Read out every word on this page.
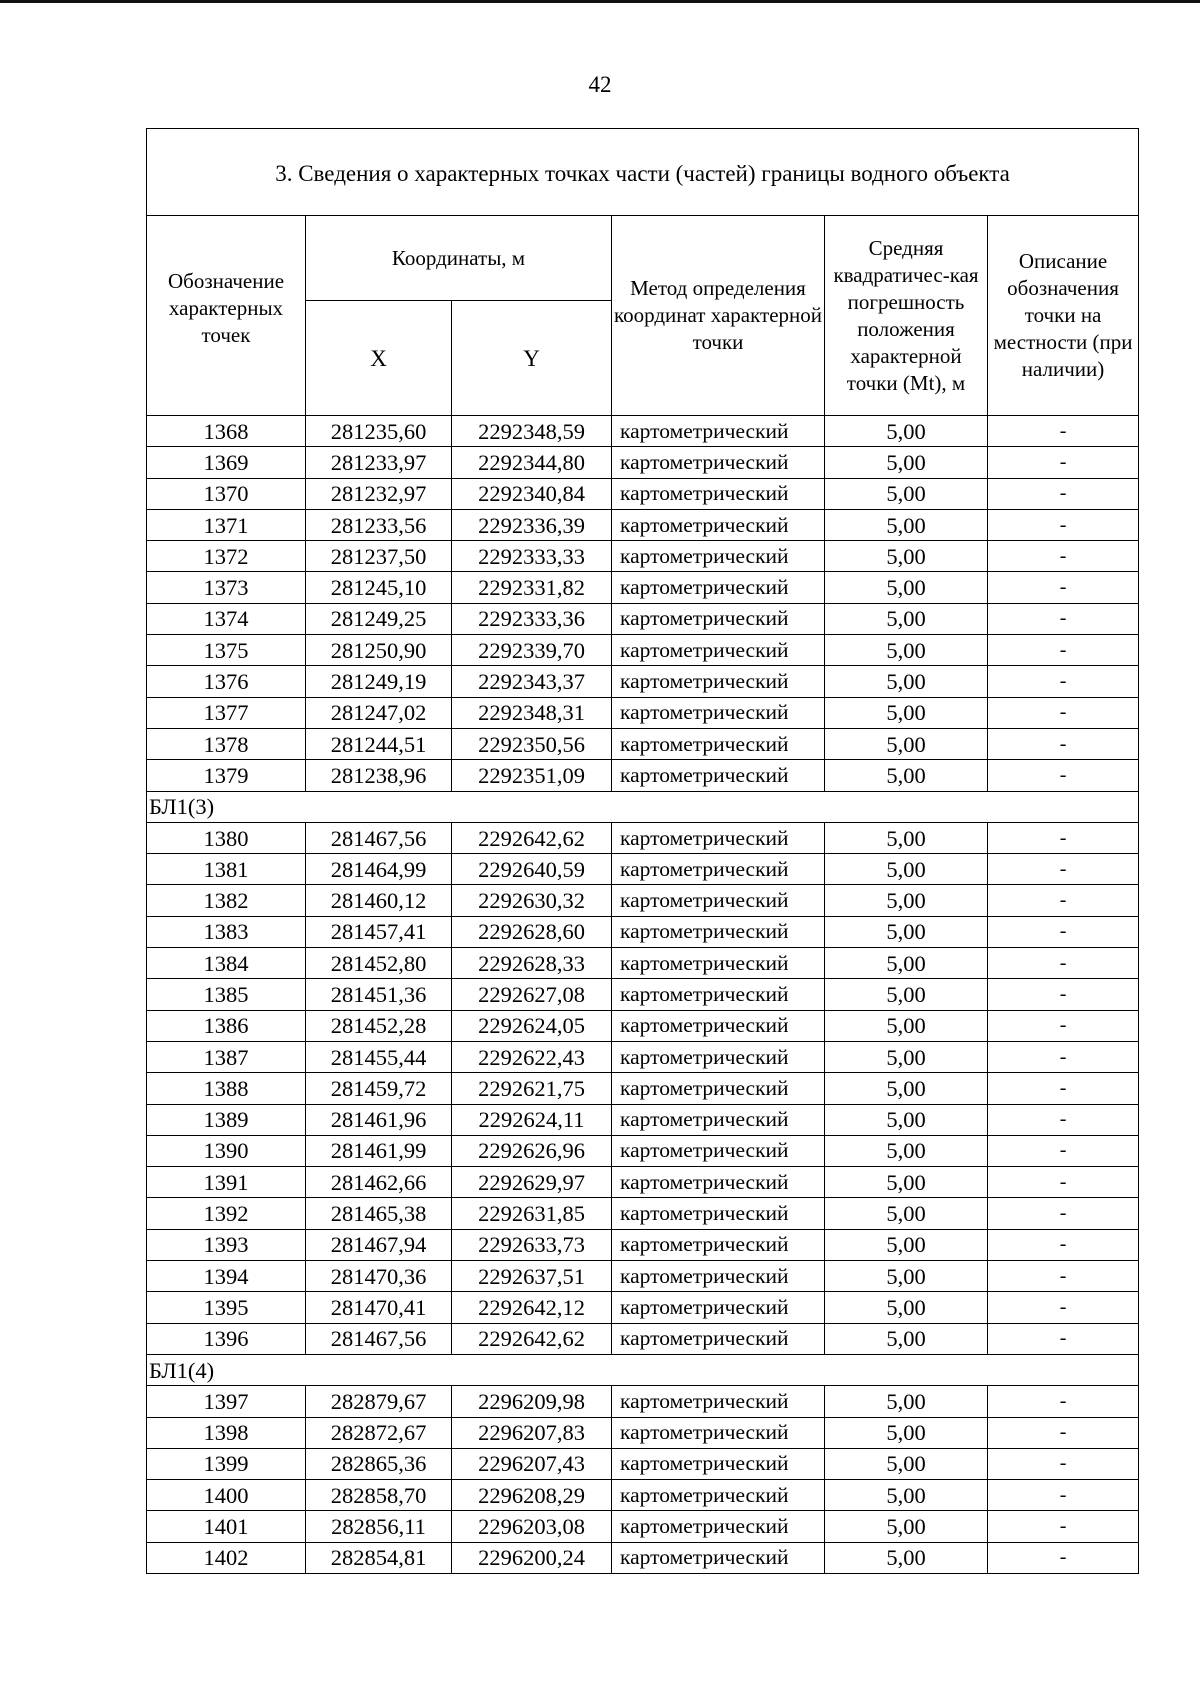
42
3. Сведения о характерных точках части (частей) границы водного объекта					
Обозначение характерных точек	Координаты, м		Метод определения координат характерной точки	Средняя квадратичес-кая погрешность положения характерной точки (Mt), м	Описание обозначения точки на местности (при наличии)
	X	Y			
1368	281235,60	2292348,59	картометрический	5,00	-
1369	281233,97	2292344,80	картометрический	5,00	-
1370	281232,97	2292340,84	картометрический	5,00	-
1371	281233,56	2292336,39	картометрический	5,00	-
1372	281237,50	2292333,33	картометрический	5,00	-
1373	281245,10	2292331,82	картометрический	5,00	-
1374	281249,25	2292333,36	картометрический	5,00	-
1375	281250,90	2292339,70	картометрический	5,00	-
1376	281249,19	2292343,37	картометрический	5,00	-
1377	281247,02	2292348,31	картометрический	5,00	-
1378	281244,51	2292350,56	картометрический	5,00	-
1379	281238,96	2292351,09	картометрический	5,00	-
БЛ1(3)					
1380	281467,56	2292642,62	картометрический	5,00	-
1381	281464,99	2292640,59	картометрический	5,00	-
1382	281460,12	2292630,32	картометрический	5,00	-
1383	281457,41	2292628,60	картометрический	5,00	-
1384	281452,80	2292628,33	картометрический	5,00	-
1385	281451,36	2292627,08	картометрический	5,00	-
1386	281452,28	2292624,05	картометрический	5,00	-
1387	281455,44	2292622,43	картометрический	5,00	-
1388	281459,72	2292621,75	картометрический	5,00	-
1389	281461,96	2292624,11	картометрический	5,00	-
1390	281461,99	2292626,96	картометрический	5,00	-
1391	281462,66	2292629,97	картометрический	5,00	-
1392	281465,38	2292631,85	картометрический	5,00	-
1393	281467,94	2292633,73	картометрический	5,00	-
1394	281470,36	2292637,51	картометрический	5,00	-
1395	281470,41	2292642,12	картометрический	5,00	-
1396	281467,56	2292642,62	картометрический	5,00	-
БЛ1(4)					
1397	282879,67	2296209,98	картометрический	5,00	-
1398	282872,67	2296207,83	картометрический	5,00	-
1399	282865,36	2296207,43	картометрический	5,00	-
1400	282858,70	2296208,29	картометрический	5,00	-
1401	282856,11	2296203,08	картометрический	5,00	-
1402	282854,81	2296200,24	картометрический	5,00	-
